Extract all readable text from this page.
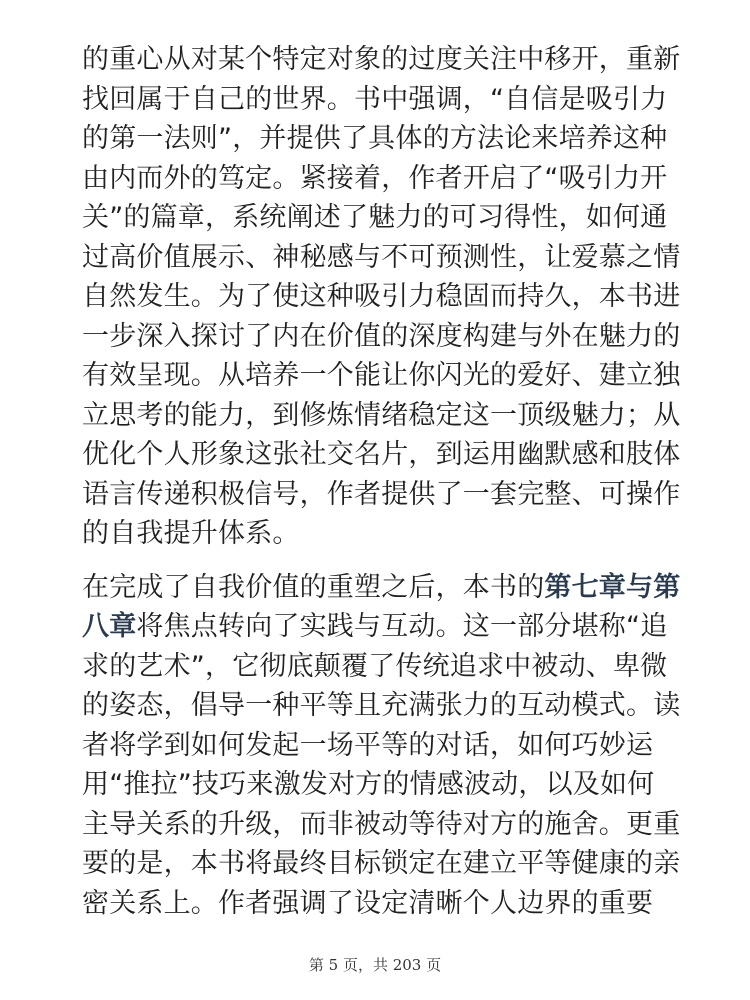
的重心从对某个特定对象的过度关注中移开，重新
找回属于自己的世界。书中强调，“自信是吸引力
的第一法则”，并提供了具体的方法论来培养这种
由内而外的笃定。紧接着，作者开启了“吸引力开
关”的篇章，系统阐述了魅力的可习得性，如何通
过高价值展示、神秘感与不可预测性，让爱慕之情
自然发生。为了使这种吸引力稳固而持久，本书进
一步深入探讨了内在价值的深度构建与外在魅力的
有效呈现。从培养一个能让你闪光的爱好、建立独
立思考的能力，到修炼情绪稳定这一顶级魅力；从
优化个人形象这张社交名片，到运用幽默感和肢体
语言传递积极信号，作者提供了一套完整、可操作
的自我提升体系。

在完成了自我价值的重塑之后，本书的第七章与第
八章将焦点转向了实践与互动。这一部分堪称“追
求的艺术”，它彻底颠覆了传统追求中被动、卑微
的姿态，倡导一种平等且充满张力的互动模式。读
者将学到如何发起一场平等的对话，如何巧妙运
用“推拉”技巧来激发对方的情感波动，以及如何
主导关系的升级，而非被动等待对方的施舍。更重
要的是，本书将最终目标锁定在建立平等健康的亲
密关系上。作者强调了设定清晰个人边界的重要

第 5 页，共 203 页
